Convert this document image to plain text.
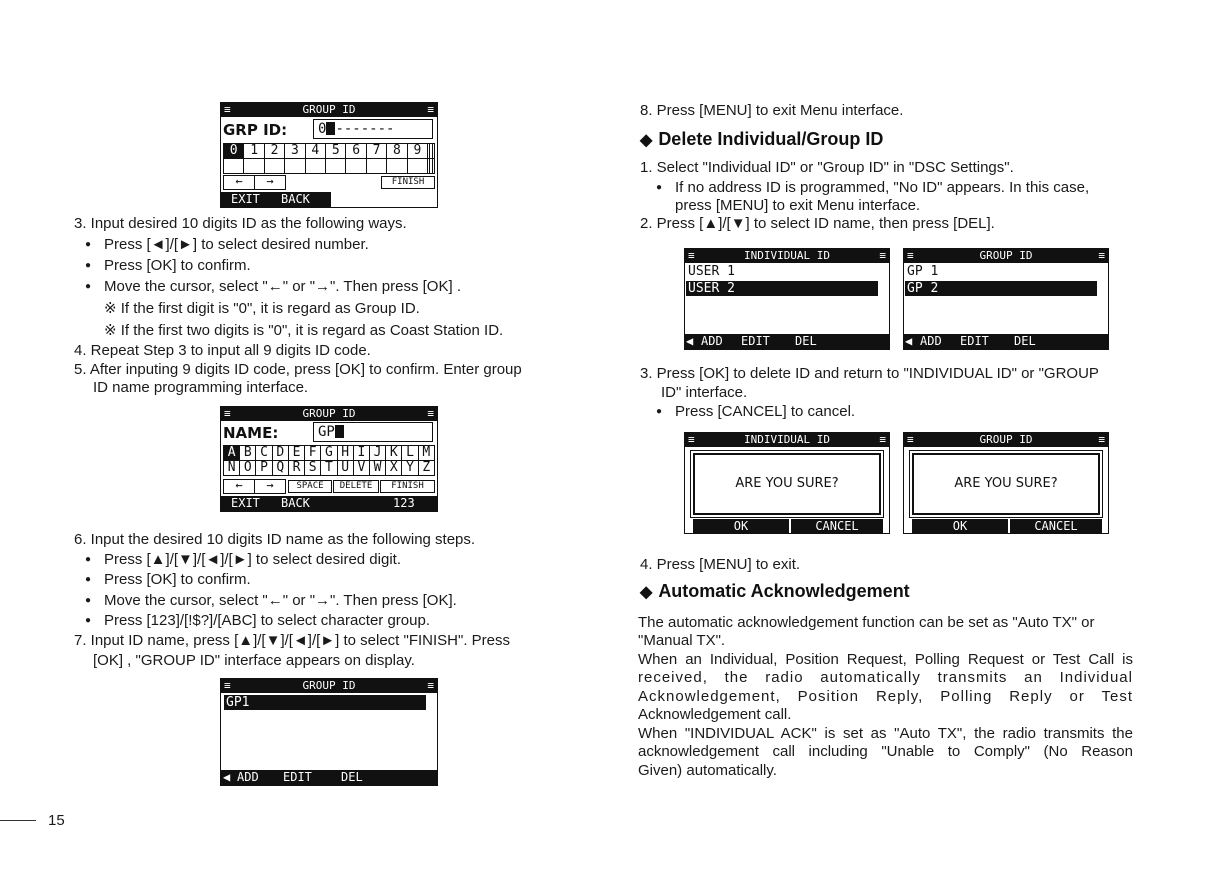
≡	GROUP ID	≡
GRP ID:	0 -------
0	1	2	3	4	5	6	7	8	9			

←	→	FINISH
EXIT BACK
3. Input desired 10 digits ID as the following ways.
● Press [◄]/[►] to select desired number.
● Press [OK] to confirm.
● Move the cursor, select "←" or "→". Then press [OK] .
※ If the first digit is "0", it is regard as Group ID.
※ If the first two digits is "0", it is regard as Coast Station ID.
4. Repeat Step 3 to input all 9 digits ID code.
5. After inputing 9 digits ID code, press [OK] to confirm. Enter group
ID name programming interface.
≡	GROUP ID	≡
NAME:	GP
A	B	C	D	E	F	G	H	I	J	K	L	M
N	O	P	Q	R	S	T	U	V	W	X	Y	Z
←	→	SPACE	DELETE	FINISH
EXIT BACK	123
6. Input the desired 10 digits ID name as the following steps.
● Press [▲]/[▼]/[◄]/[►] to select desired digit.
● Press [OK] to confirm.
● Move the cursor, select "←" or "→". Then press [OK].
● Press [123]/[!$?]/[ABC] to select character group.
7. Input ID name, press [▲]/[▼]/[◄]/[►] to select "FINISH". Press
[OK] , "GROUP ID" interface appears on display.
≡	GROUP ID	≡
GP1
◀ ADD EDIT DEL	▶
8. Press [MENU] to exit Menu interface.
◆ Delete Individual/Group ID
1. Select "Individual ID" or "Group ID" in "DSC Settings".
● If no address ID is programmed, "No ID" appears. In this case,
press [MENU] to exit Menu interface.
2. Press [▲]/[▼] to select ID name, then press [DEL].
≡	INDIVIDUAL ID	≡
USER 1
USER 2
◀ ADD EDIT DEL	▶
≡	GROUP ID	≡
GP 1
GP 2
◀ ADD EDIT DEL	▶
3. Press [OK] to delete ID and return to "INDIVIDUAL ID" or "GROUP
ID" interface.
● Press [CANCEL] to cancel.
≡	INDIVIDUAL ID	≡
ARE YOU SURE?
OK	CANCEL
≡	GROUP ID	≡
ARE YOU SURE?
OK	CANCEL
4. Press [MENU] to exit.
◆ Automatic Acknowledgement
The automatic acknowledgement function can be set as "Auto TX" or
"Manual TX".
When an Individual, Position Request, Polling Request or Test Call is
received, the radio automatically transmits an Individual
Acknowledgement, Position Reply, Polling Reply or Test
Acknowledgement call.
When "INDIVIDUAL ACK" is set as "Auto TX", the radio transmits the
acknowledgement call including "Unable to Comply" (No Reason
Given) automatically.
15
